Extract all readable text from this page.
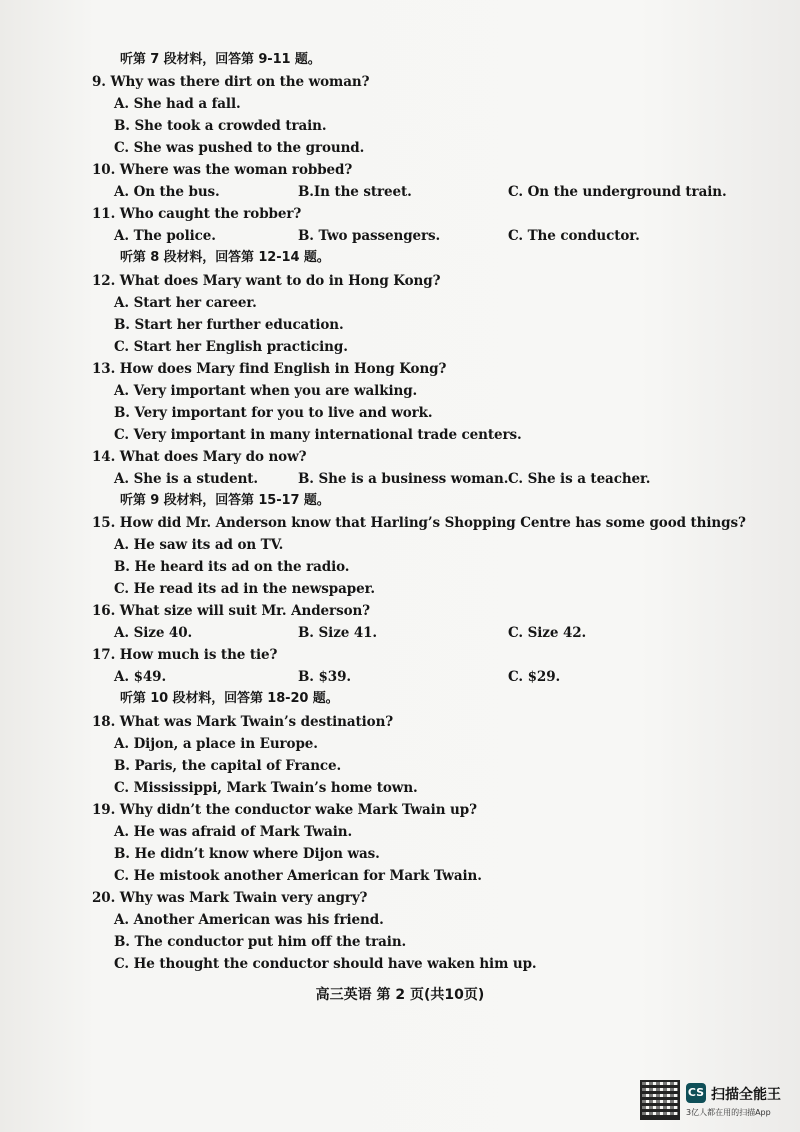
听第 7 段材料，回答第 9-11 题。
9. Why was there dirt on the woman?
A. She had a fall.
B. She took a crowded train.
C. She was pushed to the ground.
10. Where was the woman robbed?
A. On the bus.	B.In the street.	C. On the underground train.
11. Who caught the robber?
A. The police.	B. Two passengers.	C. The conductor.
听第 8 段材料，回答第 12-14 题。
12. What does Mary want to do in Hong Kong?
A. Start her career.
B. Start her further education.
C. Start her English practicing.
13. How does Mary find English in Hong Kong?
A. Very important when you are walking.
B. Very important for you to live and work.
C. Very important in many international trade centers.
14. What does Mary do now?
A. She is a student.	B. She is a business woman. C. She is a teacher.
听第 9 段材料，回答第 15-17 题。
15. How did Mr. Anderson know that Harling’s Shopping Centre has some good things?
A. He saw its ad on TV.
B. He heard its ad on the radio.
C. He read its ad in the newspaper.
16. What size will suit Mr. Anderson?
A. Size 40.	B. Size 41.	C. Size 42.
17. How much is the tie?
A. $49.	B. $39.	C. $29.
听第 10 段材料，回答第 18-20 题。
18. What was Mark Twain’s destination?
A. Dijon, a place in Europe.
B. Paris, the capital of France.
C. Mississippi, Mark Twain’s home town.
19. Why didn’t the conductor wake Mark Twain up?
A. He was afraid of Mark Twain.
B. He didn’t know where Dijon was.
C. He mistook another American for Mark Twain.
20. Why was Mark Twain very angry?
A. Another American was his friend.
B. The conductor put him off the train.
C. He thought the conductor should have waken him up.
高三英语 第 2 页(共10页)
CS 扫描全能王
3亿人都在用的扫描App
